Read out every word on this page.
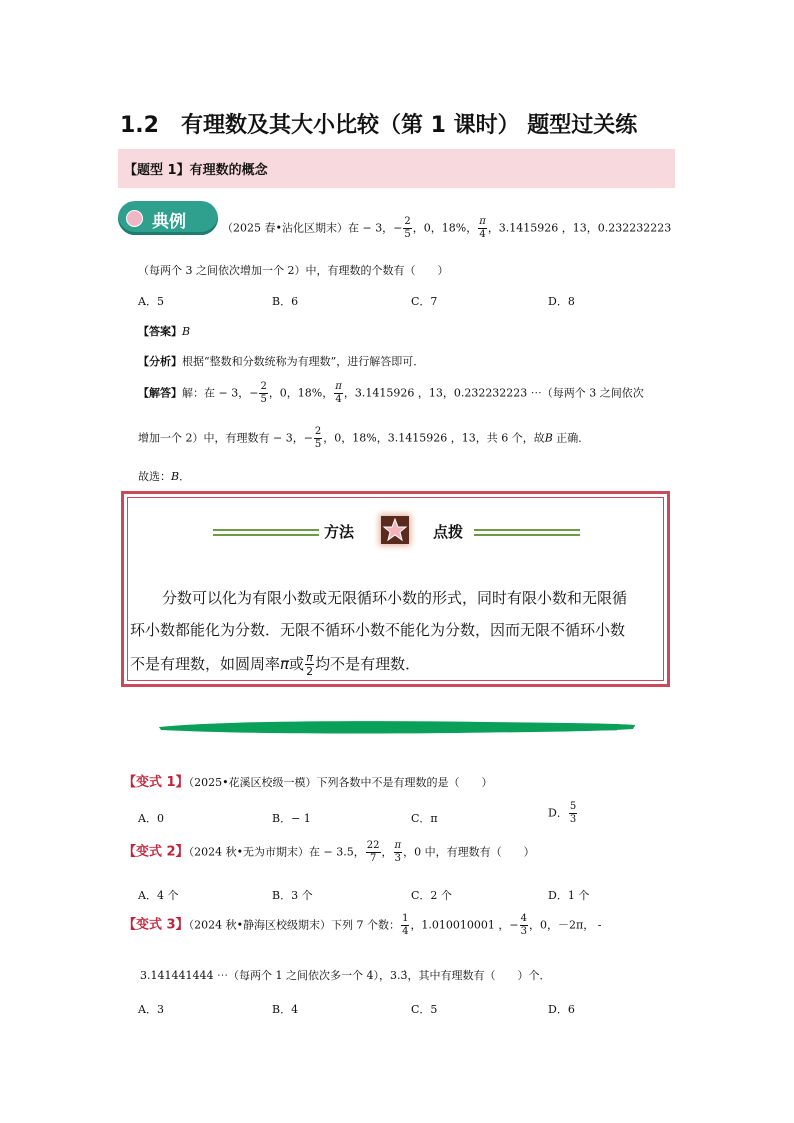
1.2　有理数及其大小比较（第 1 课时） 题型过关练
【题型 1】有理数的概念
典例	（2025 春•沾化区期末）在 − 3，− $\frac{2}{5}$ ，0，18%， $\frac{\pi}{4}$ ，3.1415926 ，13，0.232232223
（每两个 3 之间依次增加一个 2）中，有理数的个数有（　　）
A．5	B．6	C．7	D．8
【答案】B
【分析】根据“整数和分数统称为有理数”，进行解答即可．
【解答】解：在 − 3，− $\frac{2}{5}$ ，0，18%， $\frac{\pi}{4}$ ，3.1415926 ，13，0.232232223 ⋯（每两个 3 之间依次
增加一个 2）中，有理数有 − 3，− $\frac{2}{5}$ ，0，18%，3.1415926 ，13，共 6 个，故B 正确．
故选：B．
方法	点拨
分数可以化为有限小数或无限循环小数的形式，同时有限小数和无限循
环小数都能化为分数．无限不循环小数不能化为分数，因而无限不循环小数
不是有理数，如圆周率π或 $\frac{\pi}{2}$ 均不是有理数．
【变式 1】（2025•花溪区校级一模）下列各数中不是有理数的是（　　）
A．0	B．− 1	C．π	D． $\frac{5}{3}$
【变式 2】（2024 秋•无为市期末）在 − 3.5， $\frac{22}{7}$ ， $\frac{\pi}{3}$ ，0 中，有理数有（　　）
A．4 个	B．3 个	C．2 个	D．1 个
【变式 3】（2024 秋•静海区校级期末）下列 7 个数： $\frac{1}{4}$ ，1.010010001 ，− $\frac{4}{3}$ ，0，－2π， -
3.141441444 ⋯（每两个 1 之间依次多一个 4），3.3̇，其中有理数有（　　）个．
A．3	B．4	C．5	D．6
